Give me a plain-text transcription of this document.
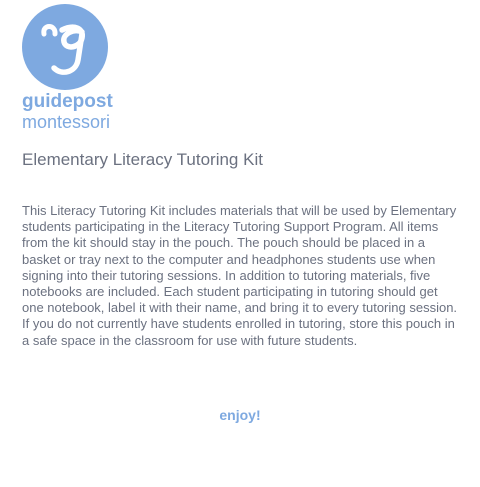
guidepost
montessori
Elementary Literacy Tutoring Kit
This Literacy Tutoring Kit includes materials that will be used by Elementary students participating in the Literacy Tutoring Support Program. All items from the kit should stay in the pouch. The pouch should be placed in a basket or tray next to the computer and headphones students use when signing into their tutoring sessions. In addition to tutoring materials, five notebooks are included. Each student participating in tutoring should get one notebook, label it with their name, and bring it to every tutoring session. If you do not currently have students enrolled in tutoring, store this pouch in a safe space in the classroom for use with future students.
enjoy!
